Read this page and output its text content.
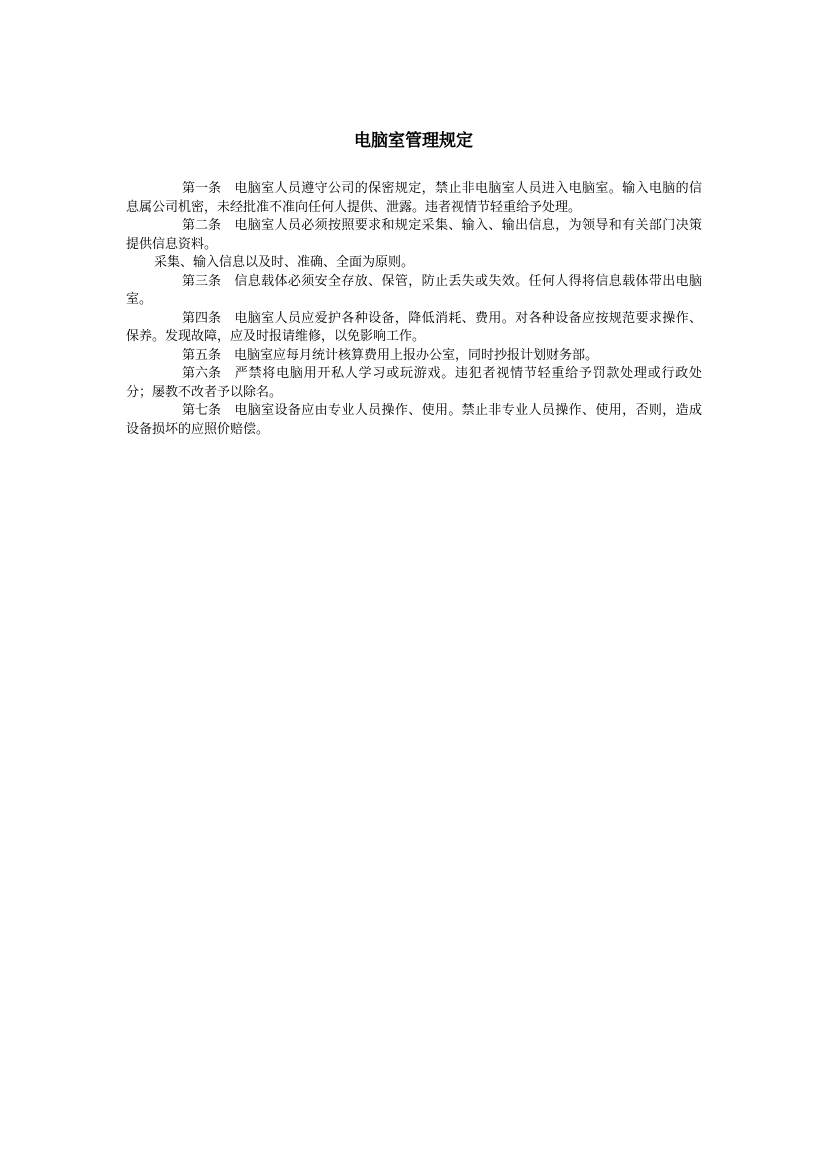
电脑室管理规定

第一条 电脑室人员遵守公司的保密规定，禁止非电脑室人员进入电脑室。输入电脑的信息属公司机密，未经批准不准向任何人提供、泄露。违者视情节轻重给予处理。

第二条 电脑室人员必须按照要求和规定采集、输入、输出信息，为领导和有关部门决策提供信息资料。

采集、输入信息以及时、准确、全面为原则。

第三条 信息载体必须安全存放、保管，防止丢失或失效。任何人得将信息载体带出电脑室。

第四条 电脑室人员应爱护各种设备，降低消耗、费用。对各种设备应按规范要求操作、保养。发现故障，应及时报请维修，以免影响工作。

第五条 电脑室应每月统计核算费用上报办公室，同时抄报计划财务部。

第六条 严禁将电脑用开私人学习或玩游戏。违犯者视情节轻重给予罚款处理或行政处分；屡教不改者予以除名。

第七条 电脑室设备应由专业人员操作、使用。禁止非专业人员操作、使用，否则，造成设备损坏的应照价赔偿。
